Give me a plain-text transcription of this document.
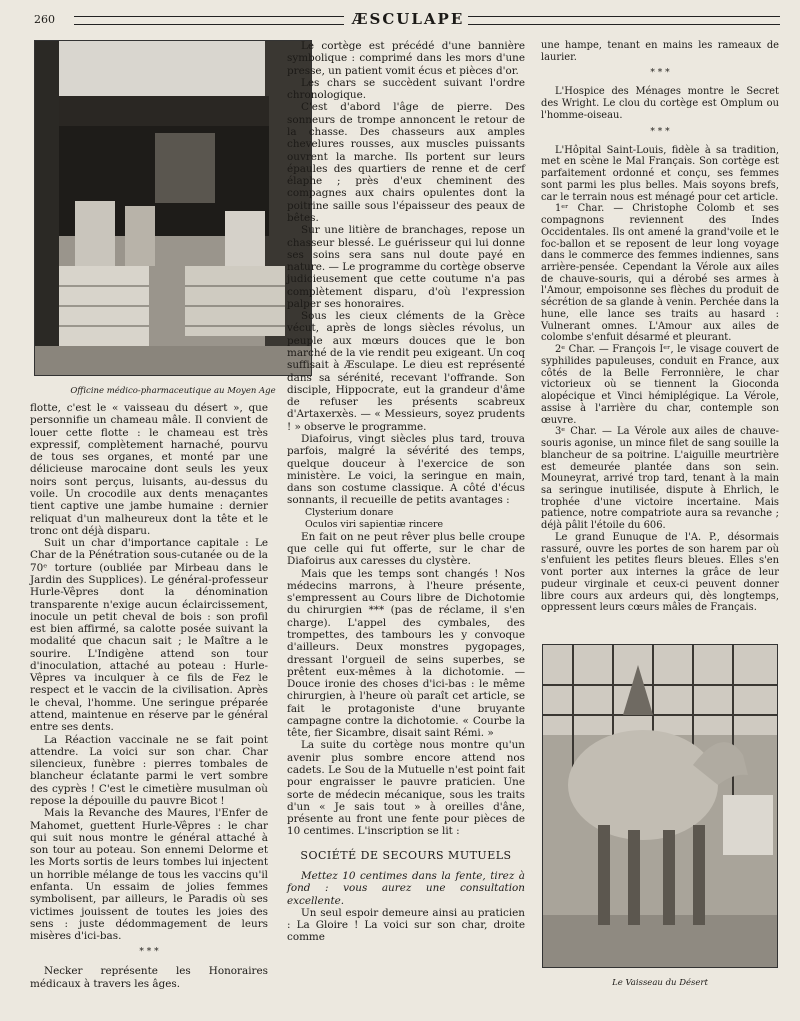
260	ÆSCULAPE
Officine médico-pharmaceutique au Moyen Age
Le Vaisseau du Désert

flotte, c'est le « vaisseau du désert », que personnifie un chameau mâle. Il convient de louer cette flotte : le chameau est très expressif, complètement harnaché, pourvu de tous ses organes, et monté par une délicieuse marocaine dont seuls les yeux noirs sont perçus, luisants, au-dessus du voile. Un crocodile aux dents menaçantes tient captive une jambe humaine : dernier reliquat d'un malheureux dont la tête et le tronc ont déjà disparu.

Suit un char d'importance capitale : Le Char de la Pénétration sous-cutanée ou de la 70ᵉ torture (oubliée par Mirbeau dans le Jardin des Supplices). Le général-professeur Hurle-Vêpres dont la dénomination transparente n'exige aucun éclaircissement, inocule un petit cheval de bois : son profil est bien affirmé, sa calotte posée suivant la modalité que chacun sait ; le Maître a le sourire. L'Indigène attend son tour d'inoculation, attaché au poteau : Hurle-Vêpres va inculquer à ce fils de Fez le respect et le vaccin de la civilisation. Après le cheval, l'homme. Une seringue préparée attend, maintenue en réserve par le général entre ses dents.

La Réaction vaccinale ne se fait point attendre. La voici sur son char. Char silencieux, funèbre : pierres tombales de blancheur éclatante parmi le vert sombre des cyprès ! C'est le cimetière musulman où repose la dépouille du pauvre Bicot !

Mais la Revanche des Maures, l'Enfer de Mahomet, guettent Hurle-Vêpres : le char qui suit nous montre le général attaché à son tour au poteau. Son ennemi Delorme et les Morts sortis de leurs tombes lui injectent un horrible mélange de tous les vaccins qu'il enfanta. Un essaim de jolies femmes symbolisent, par ailleurs, le Paradis où ses victimes jouissent de toutes les joies des sens : juste dédommagement de leurs misères d'ici-bas.

* * *

Necker représente les Honoraires médicaux à travers les âges.

Le cortège est précédé d'une bannière symbolique : comprimé dans les mors d'une presse, un patient vomit écus et pièces d'or.

Les chars se succèdent suivant l'ordre chronologique.

C'est d'abord l'âge de pierre. Des sonneurs de trompe annoncent le retour de la chasse. Des chasseurs aux amples chevelures rousses, aux muscles puissants ouvrent la marche. Ils portent sur leurs épaules des quartiers de renne et de cerf élaphe ; près d'eux cheminent des compagnes aux chairs opulentes dont la poitrine saille sous l'épaisseur des peaux de bêtes.

Sur une litière de branchages, repose un chasseur blessé. Le guérisseur qui lui donne ses soins sera sans nul doute payé en nature. — Le programme du cortège observe judicieusement que cette coutume n'a pas complètement disparu, d'où l'expression palper ses honoraires.

Sous les cieux cléments de la Grèce vécut, après de longs siècles révolus, un peuple aux mœurs douces que le bon marché de la vie rendit peu exigeant. Un coq suffisait à Æsculape. Le dieu est représenté dans sa sérénité, recevant l'offrande. Son disciple, Hippocrate, eut la grandeur d'âme de refuser les présents scabreux d'Artaxerxès. — « Messieurs, soyez prudents ! » observe le programme.

Diafoirus, vingt siècles plus tard, trouva parfois, malgré la sévérité des temps, quelque douceur à l'exercice de son ministère. Le voici, la seringue en main, dans son costume classique. A côté d'écus sonnants, il recueille de petits avantages :

Clysterium donare

Oculos viri sapientiæ rincere

En fait on ne peut rêver plus belle croupe que celle qui fut offerte, sur le char de Diafoirus aux caresses du clystère.

Mais que les temps sont changés ! Nos médecins marrons, à l'heure présente, s'empressent au Cours libre de Dichotomie du chirurgien *** (pas de réclame, il s'en charge). L'appel des cymbales, des trompettes, des tambours les y convoque d'ailleurs. Deux monstres pygopages, dressant l'orgueil de seins superbes, se prêtent eux-mêmes à la dichotomie. — Douce ironie des choses d'ici-bas : le même chirurgien, à l'heure où paraît cet article, se fait le protagoniste d'une bruyante campagne contre la dichotomie. « Courbe la tête, fier Sicambre, disait saint Rémi. »

La suite du cortège nous montre qu'un avenir plus sombre encore attend nos cadets. Le Sou de la Mutuelle n'est point fait pour engraisser le pauvre praticien. Une sorte de médecin mécanique, sous les traits d'un « Je sais tout » à oreilles d'âne, présente au front une fente pour pièces de 10 centimes. L'inscription se lit :

SOCIÉTÉ DE SECOURS MUTUELS

Mettez 10 centimes dans la fente, tirez à fond : vous aurez une consultation excellente.

Un seul espoir demeure ainsi au praticien : La Gloire ! La voici sur son char, droite comme

une hampe, tenant en mains les rameaux de laurier.

* * *

L'Hospice des Ménages montre le Secret des Wright. Le clou du cortège est Omplum ou l'homme-oiseau.

* * *

L'Hôpital Saint-Louis, fidèle à sa tradition, met en scène le Mal Français. Son cortège est parfaitement ordonné et conçu, ses femmes sont parmi les plus belles. Mais soyons brefs, car le terrain nous est ménagé pour cet article.

1ᵉʳ Char. — Christophe Colomb et ses compagnons reviennent des Indes Occidentales. Ils ont amené la grand'voile et le foc-ballon et se reposent de leur long voyage dans le commerce des femmes indiennes, sans arrière-pensée. Cependant la Vérole aux ailes de chauve-souris, qui a dérobé ses armes à l'Amour, empoisonne ses flèches du produit de sécrétion de sa glande à venin. Perchée dans la hune, elle lance ses traits au hasard : Vulnerant omnes. L'Amour aux ailes de colombe s'enfuit désarmé et pleurant.

2ᵉ Char. — François Iᵉʳ, le visage couvert de syphilides papuleuses, conduit en France, aux côtés de la Belle Ferronnière, le char victorieux où se tiennent la Gioconda alopécique et Vinci hémiplégique. La Vérole, assise à l'arrière du char, contemple son œuvre.

3ᵉ Char. — La Vérole aux ailes de chauve-souris agonise, un mince filet de sang souille la blancheur de sa poitrine. L'aiguille meurtrière est demeurée plantée dans son sein. Mouneyrat, arrivé trop tard, tenant à la main sa seringue inutilisée, dispute à Ehrlich, le trophée d'une victoire incertaine. Mais patience, notre compatriote aura sa revanche ; déjà pâlit l'étoile du 606.

Le grand Eunuque de l'A. P., désormais rassuré, ouvre les portes de son harem par où s'enfuient les petites fleurs bleues. Elles s'en vont porter aux internes la grâce de leur pudeur virginale et ceux-ci peuvent donner libre cours aux ardeurs qui, dès longtemps, oppressent leurs cœurs mâles de Français.
